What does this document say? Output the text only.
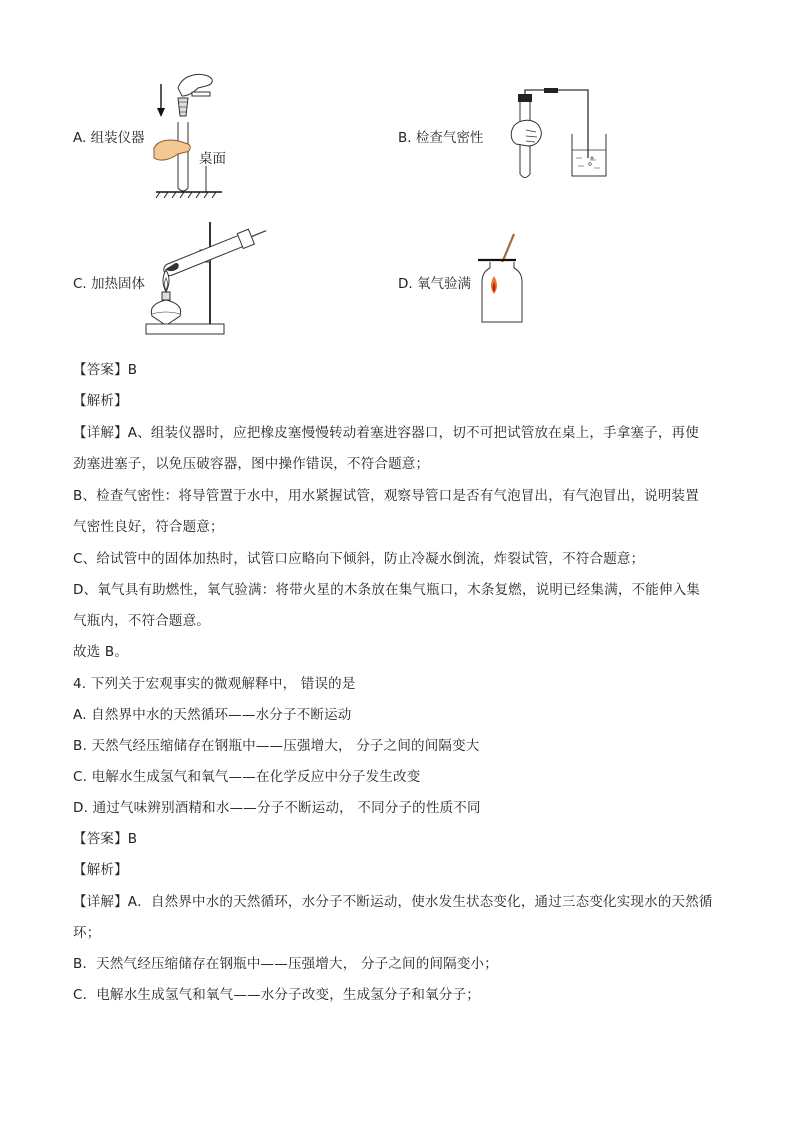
A. 组装仪器
桌面
B. 检查气密性
C. 加热固体	D. 氧气验满
【答案】B
【解析】
【详解】A、组装仪器时，应把橡皮塞慢慢转动着塞进容器口，切不可把试管放在桌上，手拿塞子，再使
劲塞进塞子，以免压破容器，图中操作错误，不符合题意；
B、检查气密性：将导管置于水中，用水紧握试管，观察导管口是否有气泡冒出，有气泡冒出，说明装置
气密性良好，符合题意；
C、给试管中的固体加热时，试管口应略向下倾斜，防止冷凝水倒流，炸裂试管，不符合题意；
D、氧气具有助燃性，氧气验满：将带火星的木条放在集气瓶口，木条复燃，说明已经集满，不能伸入集
气瓶内，不符合题意。
故选 B。
4. 下列关于宏观事实的微观解释中， 错误的是
A. 自然界中水的天然循环——水分子不断运动
B. 天然气经压缩储存在钢瓶中——压强增大， 分子之间的间隔变大
C. 电解水生成氢气和氧气——在化学反应中分子发生改变
D. 通过气味辨别酒精和水——分子不断运动， 不同分子的性质不同
【答案】B
【解析】
【详解】A．自然界中水的天然循环，水分子不断运动，使水发生状态变化，通过三态变化实现水的天然循
环；
B．天然气经压缩储存在钢瓶中——压强增大， 分子之间的间隔变小；
C．电解水生成氢气和氧气——水分子改变，生成氢分子和氧分子；
